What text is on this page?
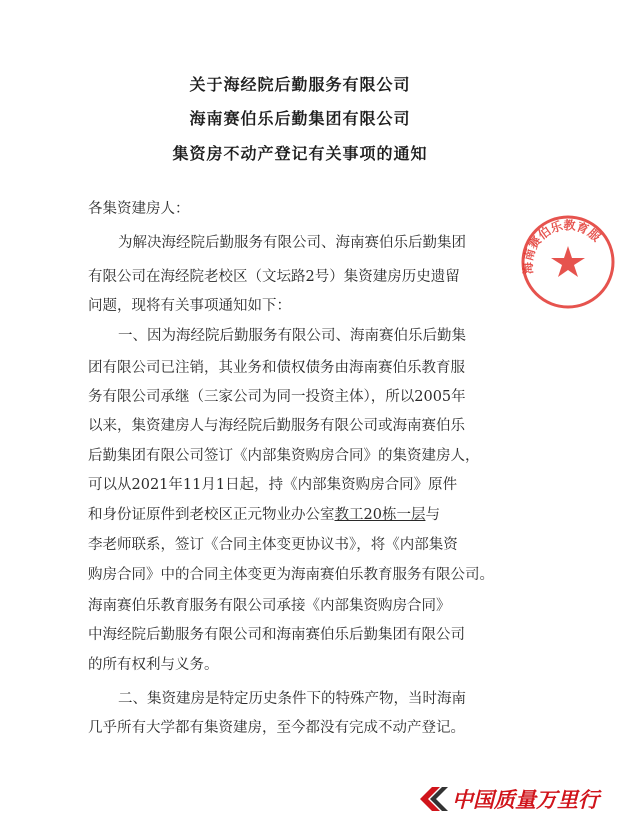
关于海经院后勤服务有限公司
海南赛伯乐后勤集团有限公司
集资房不动产登记有关事项的通知
各集资建房人：
为解决海经院后勤服务有限公司、海南赛伯乐后勤集团
有限公司在海经院老校区（文坛路2号）集资建房历史遗留
问题，现将有关事项通知如下：
一、因为海经院后勤服务有限公司、海南赛伯乐后勤集
团有限公司已注销，其业务和债权债务由海南赛伯乐教育服
务有限公司承继（三家公司为同一投资主体），所以2005年
以来，集资建房人与海经院后勤服务有限公司或海南赛伯乐
后勤集团有限公司签订《内部集资购房合同》的集资建房人，
可以从2021年11月1日起，持《内部集资购房合同》原件
和身份证原件到老校区正元物业办公室教工20栋一层与
李老师联系，签订《合同主体变更协议书》，将《内部集资
购房合同》中的合同主体变更为海南赛伯乐教育服务有限公司。
海南赛伯乐教育服务有限公司承接《内部集资购房合同》
中海经院后勤服务有限公司和海南赛伯乐后勤集团有限公司
的所有权利与义务。
二、集资建房是特定历史条件下的特殊产物，当时海南
几乎所有大学都有集资建房，至今都没有完成不动产登记。
海南赛伯乐教育服
中国质量万里行
